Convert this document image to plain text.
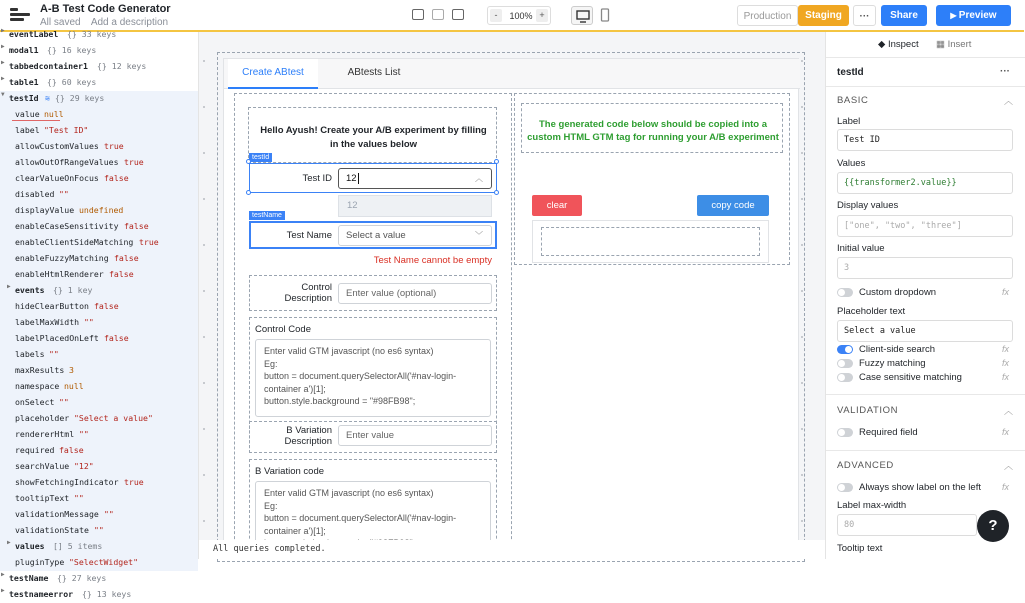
A-B Test Code Generator
All saved Add a description
-	100% +	Production	Staging	···	Share	▶ Preview
▶ eventLabel {} 33 keys
▶ modal1 {} 16 keys
▶ tabbedcontainer1 {} 12 keys
▶ table1 {} 60 keys
▼ testId ≋ {} 29 keys
value null
label "Test ID"
allowCustomValues true
allowOutOfRangeValues true
clearValueOnFocus false
disabled ""
displayValue undefined
enableCaseSensitivity false
enableClientSideMatching true
enableFuzzyMatching false
enableHtmlRenderer false
▶ events {} 1 key
hideClearButton false
labelMaxWidth ""
labelPlacedOnLeft false
labels ""
maxResults 3
namespace null
onSelect ""
placeholder "Select a value"
rendererHtml ""
required false
searchValue "12"
showFetchingIndicator true
tooltipText ""
validationMessage ""
validationState ""
▶ values [] 5 items
pluginType "SelectWidget"
▶ testName {} 27 keys
▶ testnameerror {} 13 keys
Create ABtest	ABtests List
Hello Ayush! Create your A/B experiment by filling in the values below
testId
Test ID	12	︿
12
testName
Test Name	Select a value	﹀
Test Name cannot be empty
Control Description	Enter value (optional)
Control Code
Enter valid GTM javascript (no es6 syntax)
Eg:
button = document.querySelectorAll('#nav-login-container a')[1];
button.style.background = "#98FB98";
B Variation Description
Enter value
B Variation code
Enter valid GTM javascript (no es6 syntax)
Eg:
button = document.querySelectorAll('#nav-login-container a')[1];

The generated code below should be copied into a custom HTML GTM tag for running your A/B experiment
clear	copy code
All queries completed.
◆ Inspect ▦ Insert
testId	···
BASIC	︿
Label
Test ID
Values
{{transformer2.value}}
Display values
["one", "two", "three"]
Initial value
3
Custom dropdown	fx
Placeholder text
Select a value
Client-side search	fx
Fuzzy matching	fx
Case sensitive matching	fx
VALIDATION	︿
Required field	fx
ADVANCED	︿
Always show label on the left fx
Label max-width
80
Tooltip text
?
